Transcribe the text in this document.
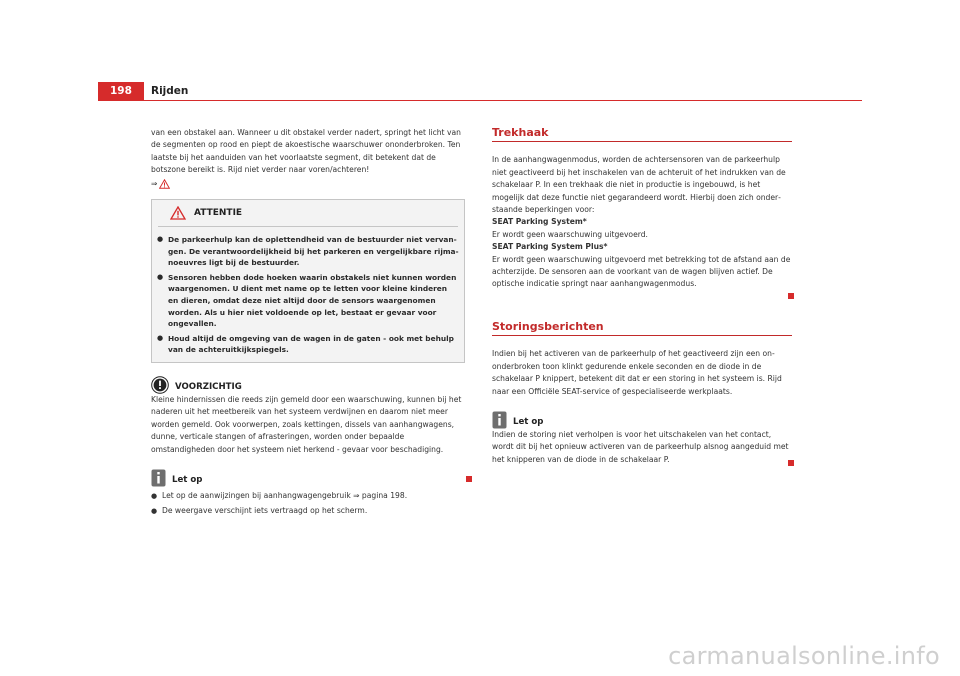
198	Rijden

van een obstakel aan. Wanneer u dit obstakel verder nadert, springt het licht van de segmenten op rood en piept de akoestische waarschuwer ononderbroken. Ten laatste bij het aanduiden van het voorlaatste segment, dit betekent dat de botszone bereikt is. Rijd niet verder naar voren/achteren!

⇒
ATTENTIE
● De parkeerhulp kan de oplettendheid van de bestuurder niet vervangen. De verantwoordelijkheid bij het parkeren en vergelijkbare rijmanoeuvres ligt bij de bestuurder.
● Sensoren hebben dode hoeken waarin obstakels niet kunnen worden waargenomen. U dient met name op te letten voor kleine kinderen en dieren, omdat deze niet altijd door de sensors waargenomen worden. Als u hier niet voldoende op let, bestaat er gevaar voor ongevallen.
● Houd altijd de omgeving van de wagen in de gaten - ook met behulp van de achteruitkijkspiegels.
VOORZICHTIG

Kleine hindernissen die reeds zijn gemeld door een waarschuwing, kunnen bij het naderen uit het meetbereik van het systeem verdwijnen en daarom niet meer worden gemeld. Ook voorwerpen, zoals kettingen, dissels van aanhangwagens, dunne, verticale stangen of afrasteringen, worden onder bepaalde omstandigheden door het systeem niet herkend - gevaar voor beschadiging.

Let op
● Let op de aanwijzingen bij aanhangwagengebruik ⇒ pagina 198.
● De weergave verschijnt iets vertraagd op het scherm.
Trekhaak

In de aanhangwagenmodus, worden de achtersensoren van de parkeerhulp niet geactiveerd bij het inschakelen van de achteruit of het indrukken van de schakelaar P. In een trekhaak die niet in productie is ingebouwd, is het mogelijk dat deze functie niet gegarandeerd wordt. Hierbij doen zich onderstaande beperkingen voor:

SEAT Parking System*

Er wordt geen waarschuwing uitgevoerd.

SEAT Parking System Plus*

Er wordt geen waarschuwing uitgevoerd met betrekking tot de afstand aan de achterzijde. De sensoren aan de voorkant van de wagen blijven actief. De optische indicatie springt naar aanhangwagenmodus.

Storingsberichten

Indien bij het activeren van de parkeerhulp of het geactiveerd zijn een ononderbroken toon klinkt gedurende enkele seconden en de diode in de schakelaar P knippert, betekent dit dat er een storing in het systeem is. Rijd naar een Officiële SEAT-service of gespecialiseerde werkplaats.

Let op

Indien de storing niet verholpen is voor het uitschakelen van het contact, wordt dit bij het opnieuw activeren van de parkeerhulp alsnog aangeduid met het knipperen van de diode in de schakelaar P.

carmanualsonline.info
